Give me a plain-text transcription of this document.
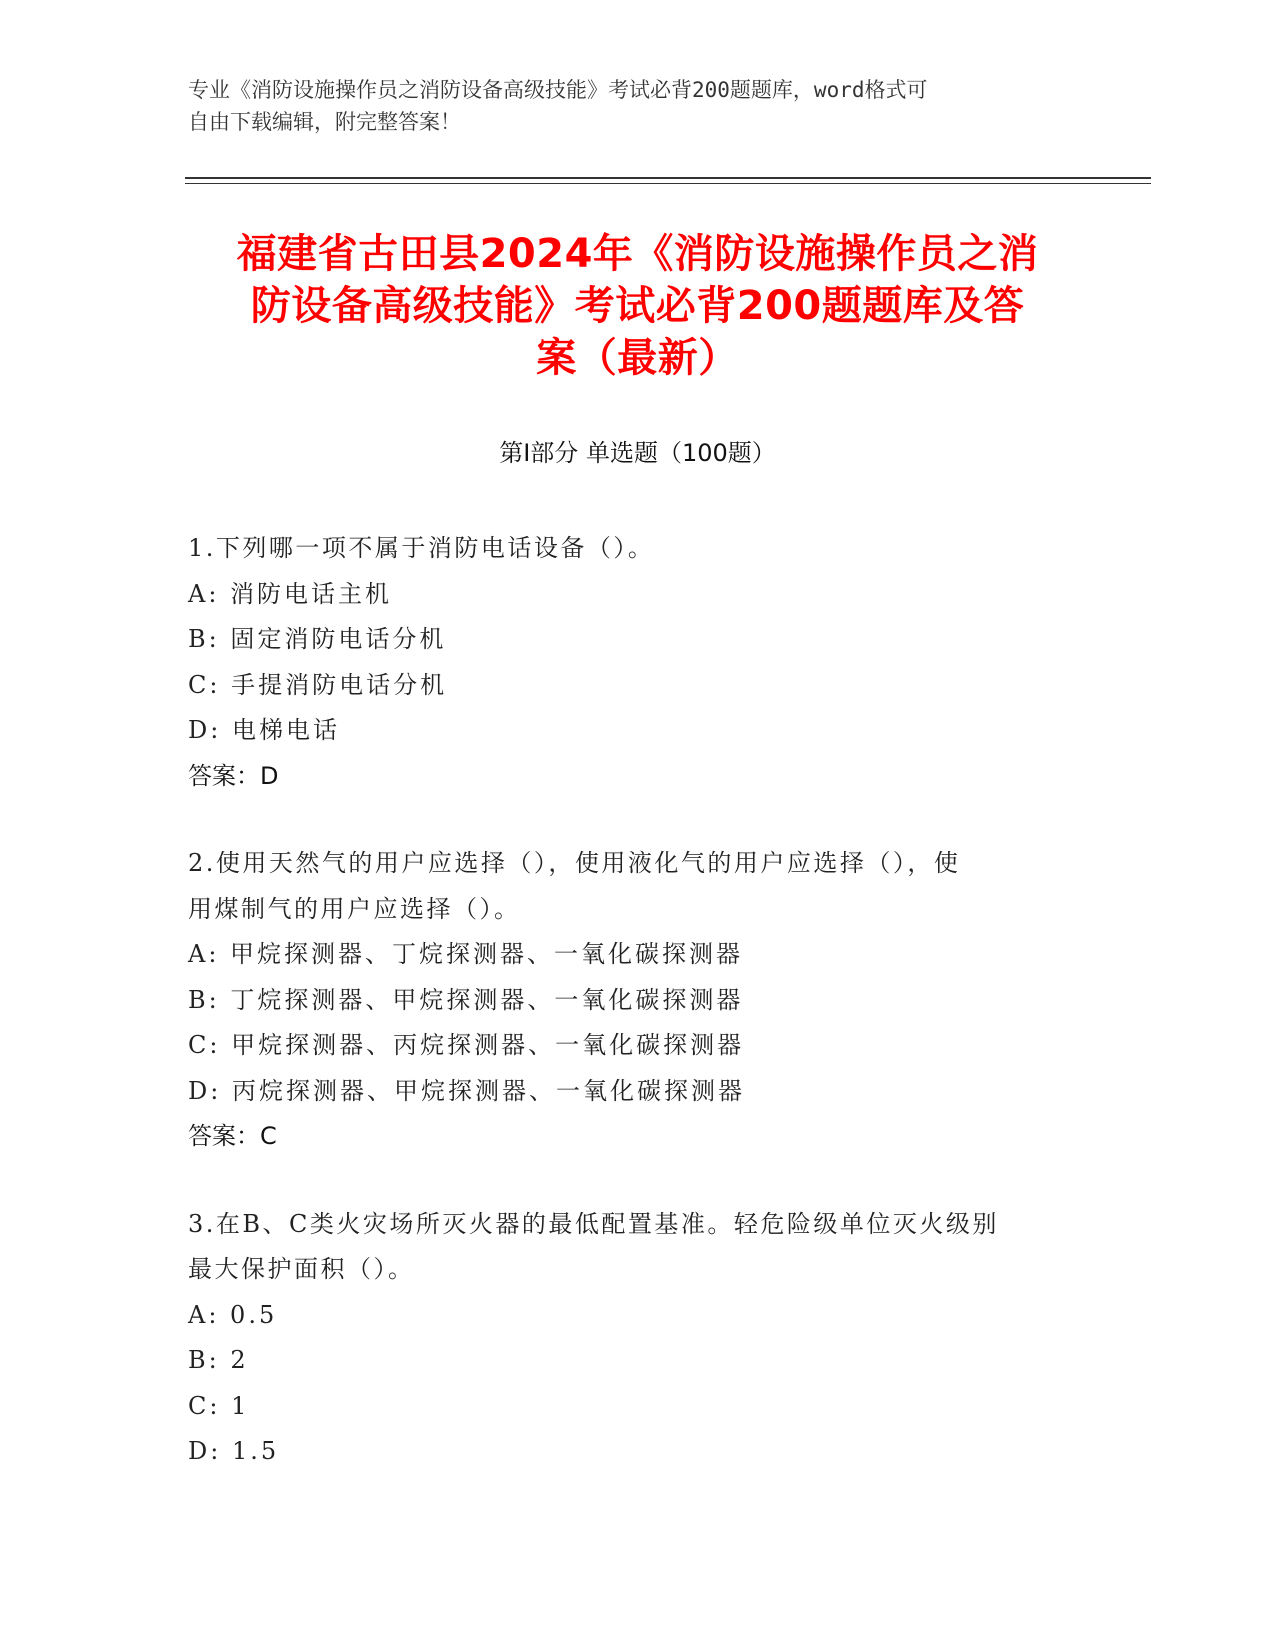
专业《消防设施操作员之消防设备高级技能》考试必背200题题库，word格式可
自由下载编辑，附完整答案！
福建省古田县2024年《消防设施操作员之消
防设备高级技能》考试必背200题题库及答
案（最新）
第I部分 单选题（100题）
1.下列哪一项不属于消防电话设备（）。
A: 消防电话主机
B: 固定消防电话分机
C: 手提消防电话分机
D: 电梯电话
答案：D
2.使用天然气的用户应选择（），使用液化气的用户应选择（），使
用煤制气的用户应选择（）。
A: 甲烷探测器、丁烷探测器、一氧化碳探测器
B: 丁烷探测器、甲烷探测器、一氧化碳探测器
C: 甲烷探测器、丙烷探测器、一氧化碳探测器
D: 丙烷探测器、甲烷探测器、一氧化碳探测器
答案：C
3.在B、C类火灾场所灭火器的最低配置基准。轻危险级单位灭火级别
最大保护面积（）。
A: 0.5
B: 2
C: 1
D: 1.5
